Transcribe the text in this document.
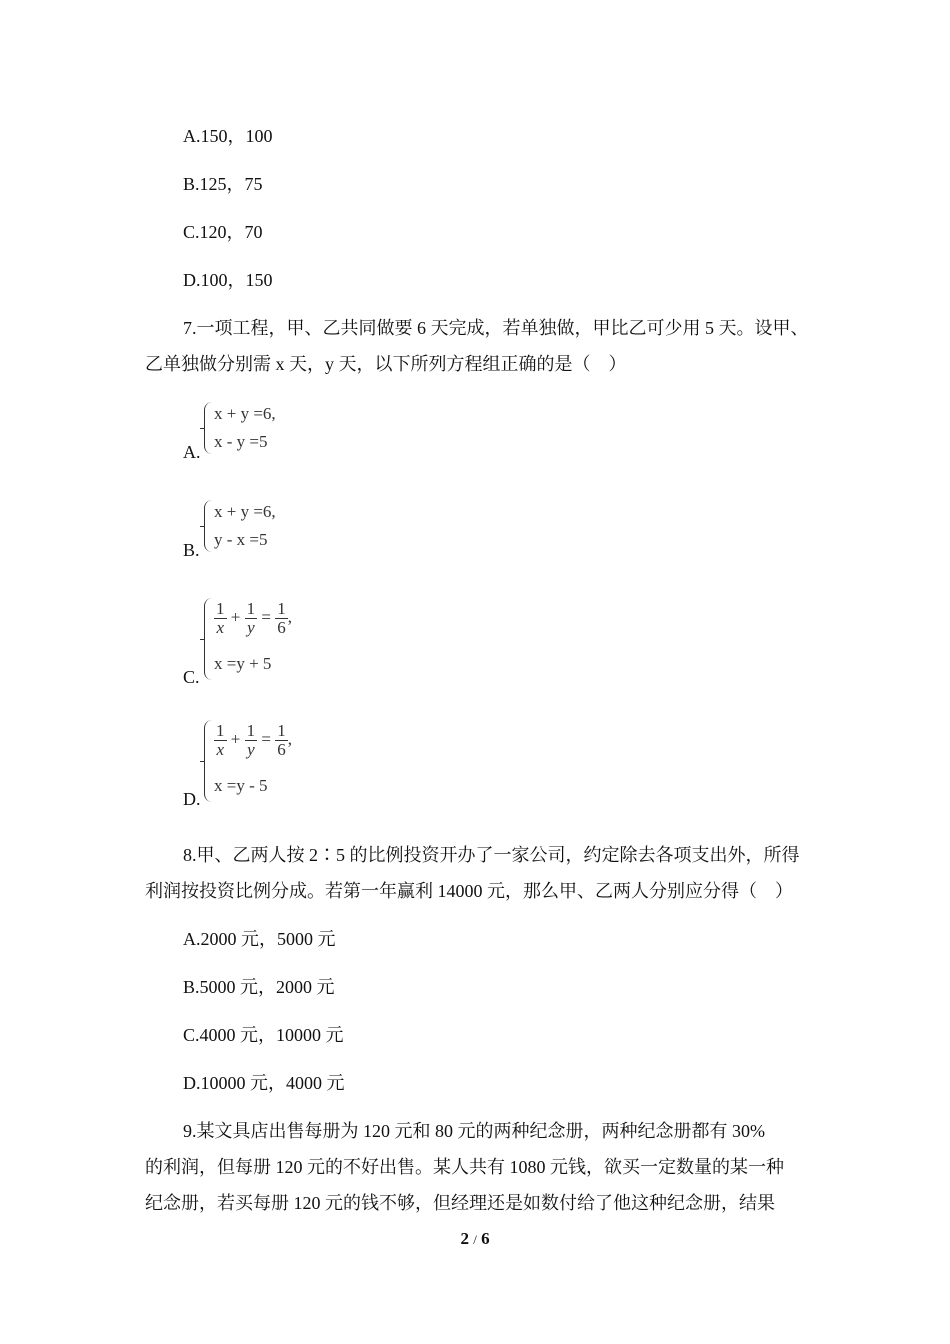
A.150，100
B.125，75
C.120，70
D.100，150
7.一项工程，甲、乙共同做要 6 天完成，若单独做，甲比乙可少用 5 天。设甲、
乙单独做分别需 x 天，y 天，以下所列方程组正确的是（　）
A.
x + y =6,
x - y =5
B.
x + y =6,
y - x =5
C.
$\frac{1}{x} + \frac{1}{y} = \frac{1}{6}$ ,
x =y + 5
D.
$\frac{1}{x} + \frac{1}{y} = \frac{1}{6}$ ,
x =y - 5
8.甲、乙两人按 2∶5 的比例投资开办了一家公司，约定除去各项支出外，所得
利润按投资比例分成。若第一年赢利 14000 元，那么甲、乙两人分别应分得（　）
A.2000 元，5000 元
B.5000 元，2000 元
C.4000 元，10000 元
D.10000 元，4000 元
9.某文具店出售每册为 120 元和 80 元的两种纪念册，两种纪念册都有 30%
的利润，但每册 120 元的不好出售。某人共有 1080 元钱，欲买一定数量的某一种
纪念册，若买每册 120 元的钱不够，但经理还是如数付给了他这种纪念册，结果
2 / 6
